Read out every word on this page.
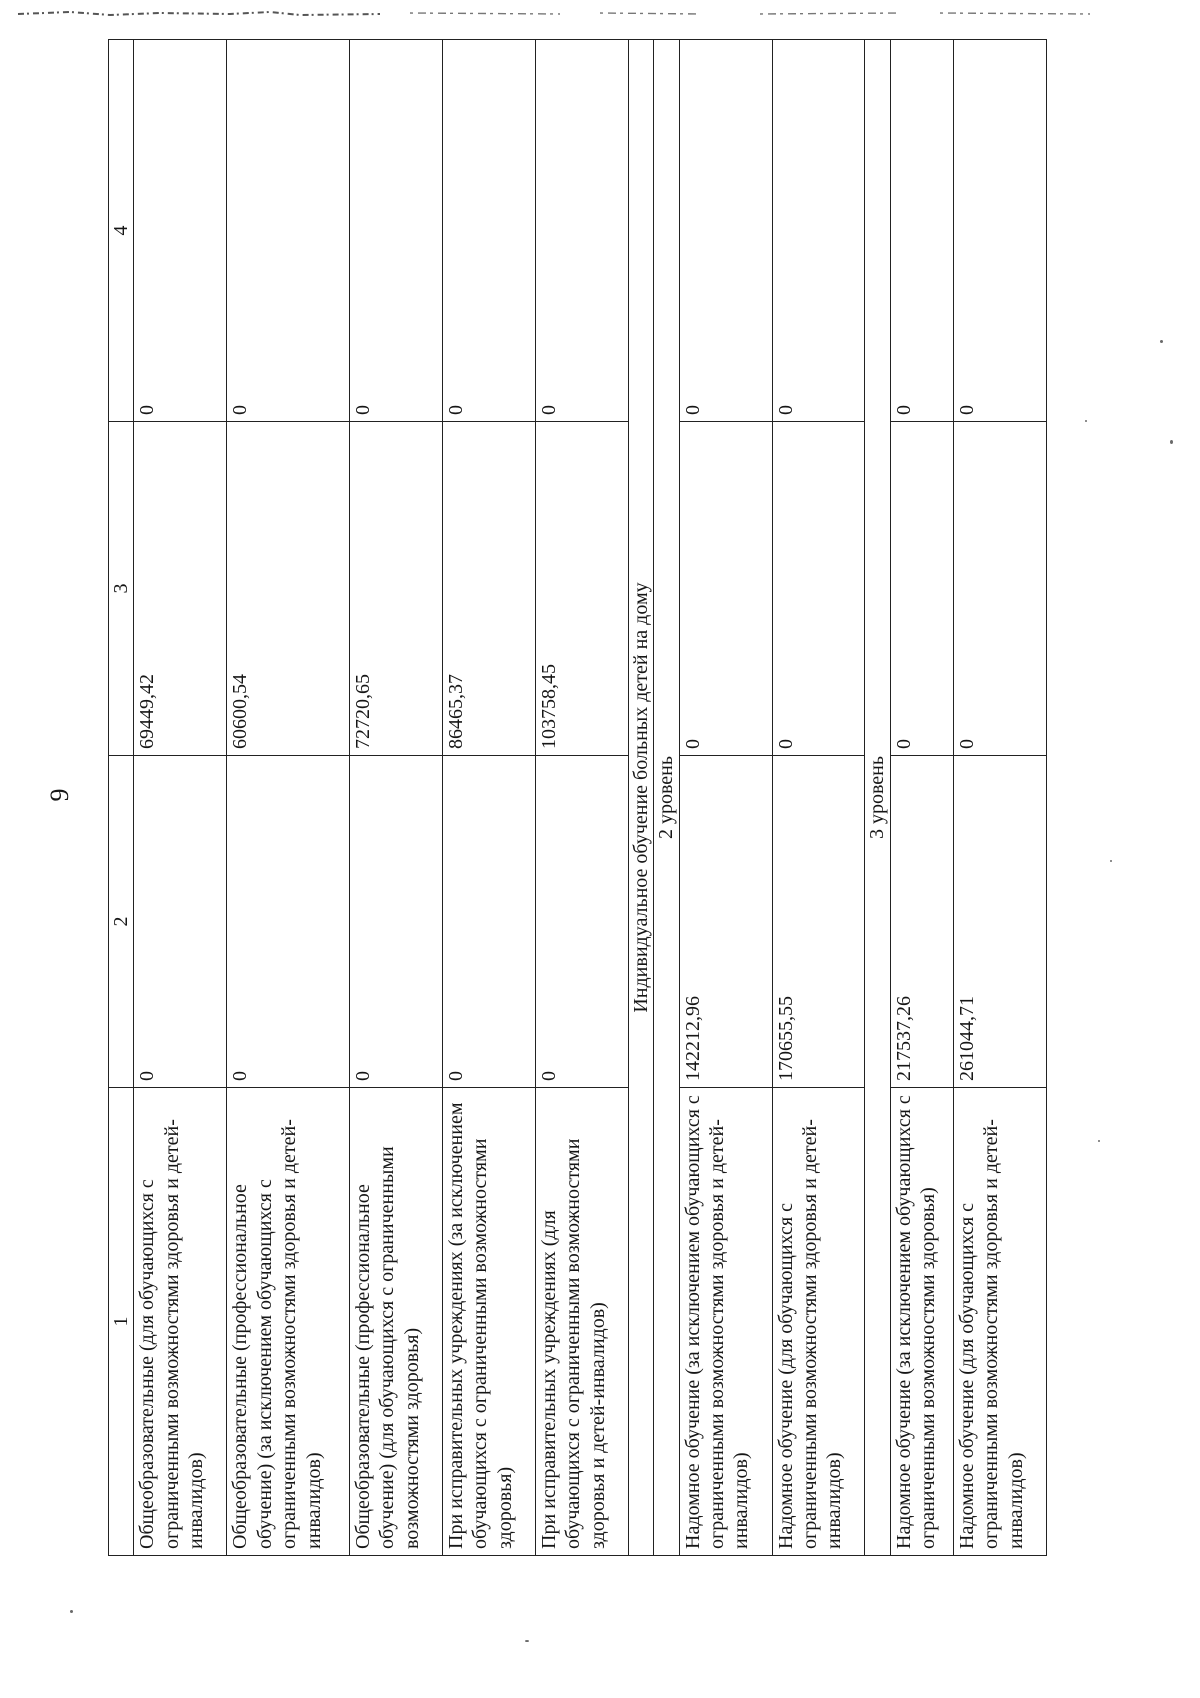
9
1	2	3	4
Общеобразовательные (для обучающихся с ограниченными возможностями здоровья и детей-инвалидов)	0	69449,42	0
Общеобразовательные (профессиональное обучение) (за исключением обучающихся с ограниченными возможностями здоровья и детей-инвалидов)	0	60600,54	0
Общеобразовательные (профессиональное обучение) (для обучающихся с ограниченными возможностями здоровья)	0	72720,65	0
При исправительных учреждениях (за исключением обучающихся с ограниченными возможностями здоровья)	0	86465,37	0
При исправительных учреждениях (для обучающихся с ограниченными возможностями здоровья и детей-инвалидов)	0	103758,45	0
Индивидуальное обучение больных детей на дому			
2 уровень			
Надомное обучение (за исключением обучающихся с ограниченными возможностями здоровья и детей-инвалидов)	142212,96	0	0
Надомное обучение (для обучающихся с ограниченными возможностями здоровья и детей-инвалидов)	170655,55	0	0
3 уровень			
Надомное обучение (за исключением обучающихся с ограниченными возможностями здоровья)	217537,26	0	0
Надомное обучение (для обучающихся с ограниченными возможностями здоровья и детей-инвалидов)	261044,71	0	0
